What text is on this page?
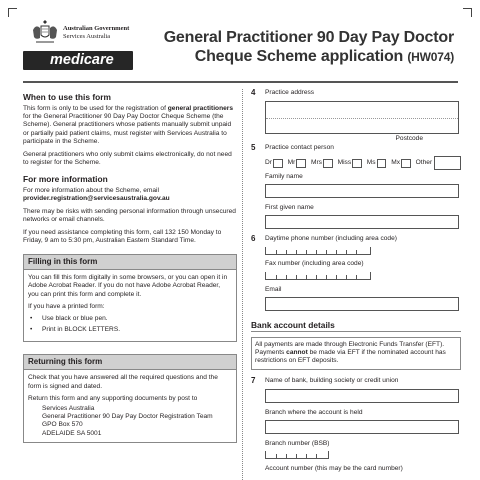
Australian Government
Services Australia
medicare
General Practitioner 90 Day Pay Doctor
Cheque Scheme application (HW074)
When to use this form

This form is only to be used for the registration of general practitioners for the General Practitioner 90 Day Pay Doctor Cheque Scheme (the Scheme). General practitioners whose patients manually submit unpaid or partially paid patient claims, must register with Services Australia to participate in the Scheme.

General practitioners who only submit claims electronically, do not need to register for the Scheme.

For more information

For more information about the Scheme, email
provider.registration@servicesaustralia.gov.au

There may be risks with sending personal information through unsecured networks or email channels.

If you need assistance completing this form, call 132 150 Monday to Friday, 9 am to 5:30 pm, Australian Eastern Standard Time.

Filling in this form

You can fill this form digitally in some browsers, or you can open it in Adobe Acrobat Reader. If you do not have Adobe Acrobat Reader, you can print this form and complete it.

If you have a printed form:

• Use black or blue pen.
• Print in BLOCK LETTERS.
Returning this form

Check that you have answered all the required questions and the form is signed and dated.

Return this form and any supporting documents by post to

Services Australia
General Practitioner 90 Day Pay Doctor Registration Team
GPO Box 570
ADELAIDE SA 5001
4 Practice address
Postcode
5 Practice contact person
Dr Mr Mrs Miss Ms Mx Other
Family name
First given name
6 Daytime phone number (including area code)
Fax number (including area code)
Email
Bank account details
All payments are made through Electronic Funds Transfer (EFT). Payments cannot be made via EFT if the nominated account has restrictions on EFT deposits.
7 Name of bank, building society or credit union
Branch where the account is held
Branch number (BSB)
Account number (this may be the card number)
